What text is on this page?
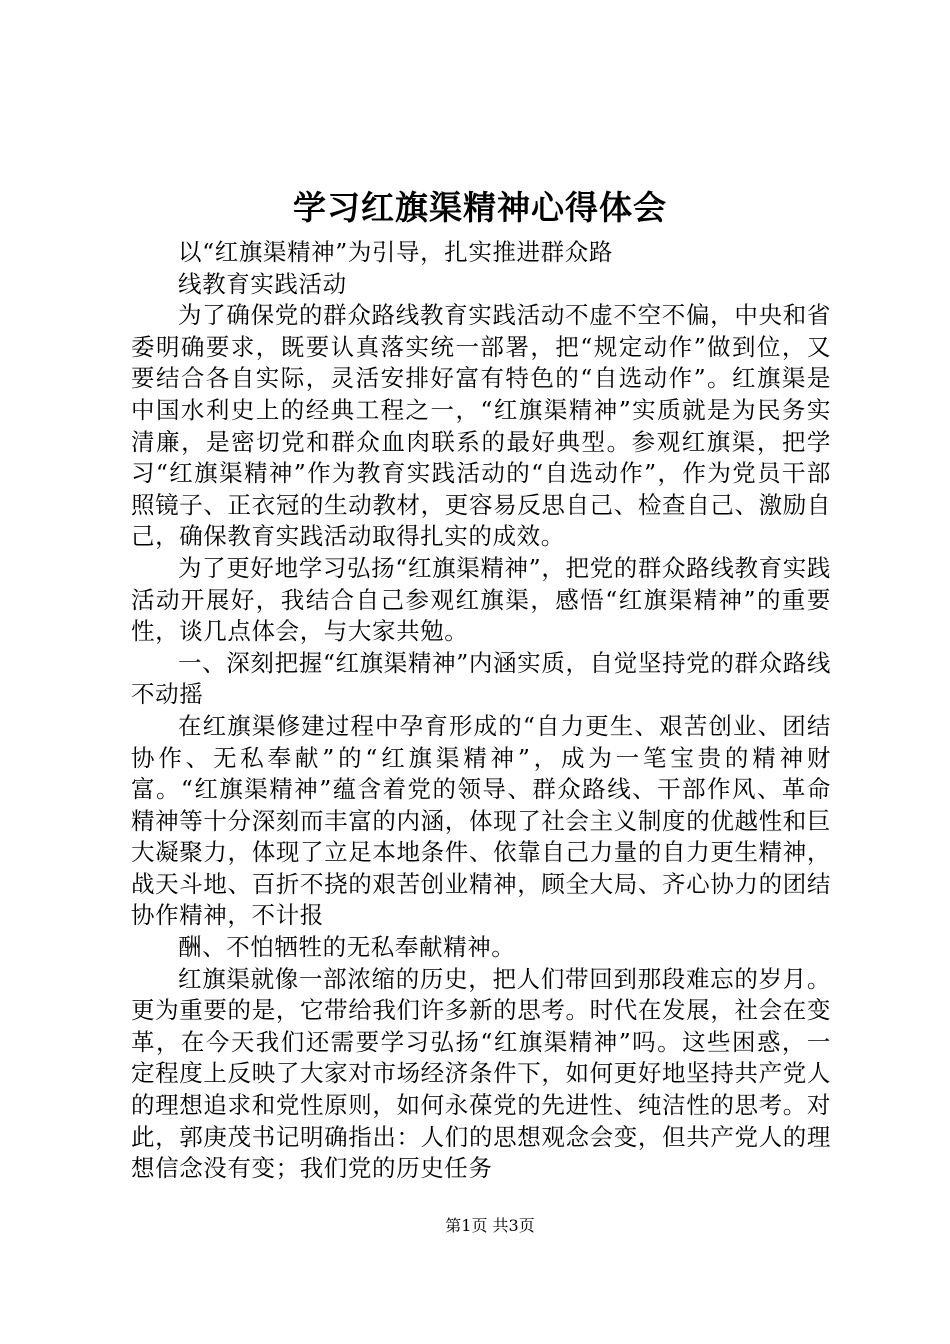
学习红旗渠精神心得体会

以“红旗渠精神”为引导，扎实推进群众路

线教育实践活动

为了确保党的群众路线教育实践活动不虚不空不偏，中央和省委明确要求，既要认真落实统一部署，把“规定动作”做到位，又要结合各自实际，灵活安排好富有特色的“自选动作”。红旗渠是中国水利史上的经典工程之一，“红旗渠精神”实质就是为民务实清廉，是密切党和群众血肉联系的最好典型。参观红旗渠，把学习“红旗渠精神”作为教育实践活动的“自选动作”，作为党员干部照镜子、正衣冠的生动教材，更容易反思自己、检查自己、激励自己，确保教育实践活动取得扎实的成效。

为了更好地学习弘扬“红旗渠精神”，把党的群众路线教育实践活动开展好，我结合自己参观红旗渠，感悟“红旗渠精神”的重要性，谈几点体会，与大家共勉。

一、深刻把握“红旗渠精神”内涵实质，自觉坚持党的群众路线不动摇

在红旗渠修建过程中孕育形成的“自力更生、艰苦创业、团结协作、无私奉献”的“红旗渠精神”，成为一笔宝贵的精神财富。“红旗渠精神”蕴含着党的领导、群众路线、干部作风、革命精神等十分深刻而丰富的内涵，体现了社会主义制度的优越性和巨大凝聚力，体现了立足本地条件、依靠自己力量的自力更生精神，战天斗地、百折不挠的艰苦创业精神，顾全大局、齐心协力的团结协作精神，不计报

酬、不怕牺牲的无私奉献精神。

红旗渠就像一部浓缩的历史，把人们带回到那段难忘的岁月。更为重要的是，它带给我们许多新的思考。时代在发展，社会在变革，在今天我们还需要学习弘扬“红旗渠精神”吗。这些困惑，一定程度上反映了大家对市场经济条件下，如何更好地坚持共产党人的理想追求和党性原则，如何永葆党的先进性、纯洁性的思考。对此，郭庚茂书记明确指出：人们的思想观念会变，但共产党人的理想信念没有变；我们党的历史任务

第1页 共3页
